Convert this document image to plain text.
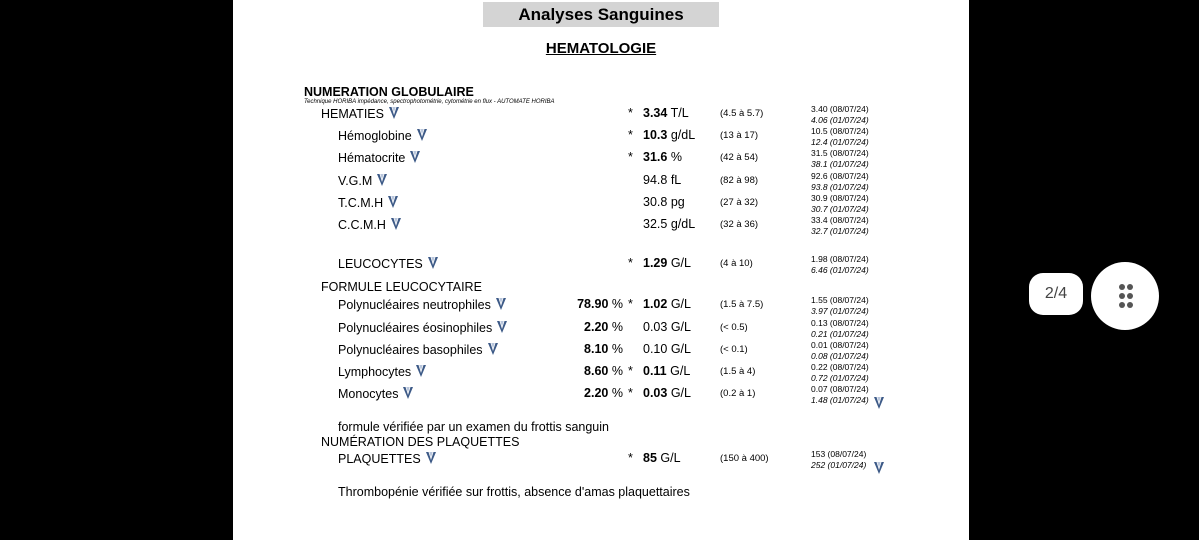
Analyses Sanguines
HEMATOLOGIE
NUMERATION GLOBULAIRE
Technique HORIBA impédance, spectrophotométrie, cytométrie en flux - AUTOMATE HORIBA
FORMULE LEUCOCYTAIRE
formule vérifiée par un examen du frottis sanguin
NUMÉRATION DES PLAQUETTES
Thrombopénie vérifiée sur frottis, absence d'amas plaquettaires
HEMATIES	* 3.34 T/L	(4.5 à 5.7)	3.40 (08/07/24)
4.06 (01/07/24)
Hémoglobine	* 10.3 g/dL	(13 à 17)	10.5 (08/07/24)
12.4 (01/07/24)
Hématocrite	* 31.6 %	(42 à 54)	31.5 (08/07/24)
38.1 (01/07/24)
V.G.M	94.8 fL	(82 à 98)	92.6 (08/07/24)
93.8 (01/07/24)
T.C.M.H	30.8 pg	(27 à 32)	30.9 (08/07/24)
30.7 (01/07/24)
C.C.M.H	32.5 g/dL	(32 à 36)	33.4 (08/07/24)
32.7 (01/07/24)
LEUCOCYTES	* 1.29 G/L	(4 à 10)	1.98 (08/07/24)
6.46 (01/07/24)
Polynucléaires neutrophiles	78.90 % * 1.02 G/L	(1.5 à 7.5)	1.55 (08/07/24)
3.97 (01/07/24)
Polynucléaires éosinophiles	2.20 %	0.03 G/L	(< 0.5)	0.13 (08/07/24)
0.21 (01/07/24)
Polynucléaires basophiles	8.10 %	0.10 G/L	(< 0.1)	0.01 (08/07/24)
0.08 (01/07/24)
Lymphocytes	8.60 % * 0.11 G/L	(1.5 à 4)	0.22 (08/07/24)
0.72 (01/07/24)
Monocytes	2.20 % * 0.03 G/L	(0.2 à 1)	0.07 (08/07/24)
1.48 (01/07/24)
PLAQUETTES	* 85 G/L	(150 à 400)	153 (08/07/24)
252 (01/07/24)
2/4
